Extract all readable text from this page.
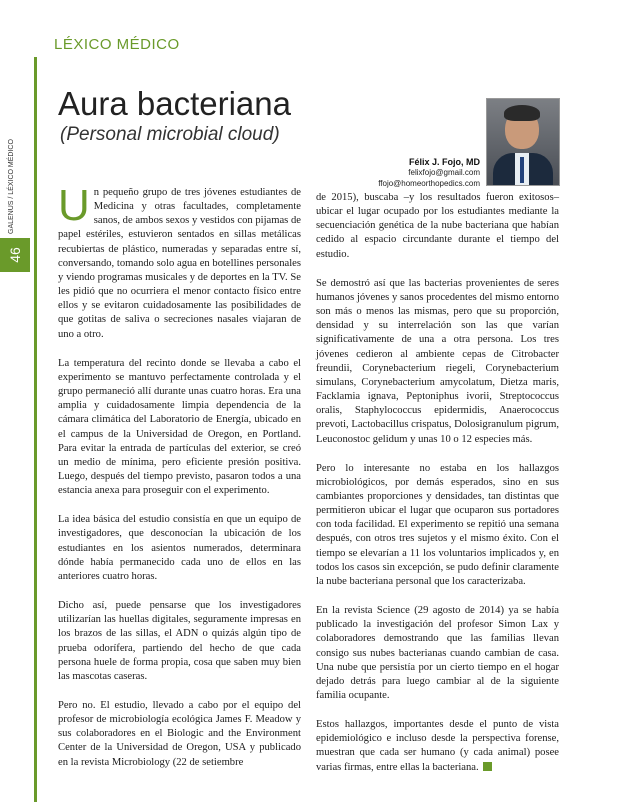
LÉXICO MÉDICO
GALENUS / LÉXICO MÉDICO
46
Aura bacteriana
(Personal microbial cloud)
Félix J. Fojo, MD
felixfojo@gmail.com
ffojo@homeorthopedics.com

Un pequeño grupo de tres jóvenes estudiantes de Medicina y otras facultades, completamente sanos, de ambos sexos y vestidos con pijamas de papel estériles, estuvieron sentados en sillas metálicas recubiertas de plástico, numeradas y separadas entre sí, conversando, tomando solo agua en botellines personales y viendo programas musicales y de deportes en la TV. Se les pidió que no ocurriera el menor contacto físico entre ellos y se evitaron cuidadosamente las posibilidades de que gotitas de saliva o secreciones nasales viajaran de uno a otro.

La temperatura del recinto donde se llevaba a cabo el experimento se mantuvo perfectamente controlada y el grupo permaneció allí durante unas cuatro horas. Era una amplia y cuidadosamente limpia dependencia de la cámara climática del Laboratorio de Energía, ubicado en el campus de la Universidad de Oregon, en Portland. Para evitar la entrada de partículas del exterior, se creó un medio de mínima, pero eficiente presión positiva. Luego, después del tiempo previsto, pasaron todos a una estancia anexa para proseguir con el experimento.

La idea básica del estudio consistía en que un equipo de investigadores, que desconocían la ubicación de los estudiantes en los asientos numerados, determinara dónde había permanecido cada uno de ellos en las anteriores cuatro horas.

Dicho así, puede pensarse que los investigadores utilizarían las huellas digitales, seguramente impresas en los brazos de las sillas, el ADN o quizás algún tipo de prueba odorífera, partiendo del hecho de que cada persona huele de forma propia, cosa que saben muy bien las mascotas caseras.

Pero no. El estudio, llevado a cabo por el equipo del profesor de microbiología ecológica James F. Meadow y sus colaboradores en el Biologic and the Environment Center de la Universidad de Oregon, USA y publicado en la revista Microbiology (22 de setiembre

de 2015), buscaba –y los resultados fueron exitosos– ubicar el lugar ocupado por los estudiantes mediante la secuenciación genética de la nube bacteriana que habían cedido al espacio circundante durante el tiempo del estudio.

Se demostró así que las bacterias provenientes de seres humanos jóvenes y sanos procedentes del mismo entorno son más o menos las mismas, pero que su proporción, densidad y su interrelación son las que varían significativamente de una a otra persona. Los tres jóvenes cedieron al ambiente cepas de Citrobacter freundii, Corynebacterium riegeli, Corynebacterium simulans, Corynebacterium amycolatum, Dietza maris, Facklamia ignava, Peptoniphus ivorii, Streptococcus oralis, Staphylococcus epidermidis, Anaerococcus prevoti, Lactobacillus crispatus, Dolosigranulum pigrum, Leuconostoc gelidum y unas 10 o 12 especies más.

Pero lo interesante no estaba en los hallazgos microbiológicos, por demás esperados, sino en sus cambiantes proporciones y densidades, tan distintas que permitieron ubicar el lugar que ocuparon sus portadores con toda facilidad. El experimento se repitió una semana después, con otros tres sujetos y el mismo éxito. Con el tiempo se elevarían a 11 los voluntarios implicados y, en todos los casos sin excepción, se pudo definir claramente la nube bacteriana personal que los caracterizaba.

En la revista Science (29 agosto de 2014) ya se había publicado la investigación del profesor Simon Lax y colaboradores demostrando que las familias llevan consigo sus nubes bacterianas cuando cambian de casa. Una nube que persistía por un cierto tiempo en el hogar dejado detrás para luego cambiar al de la siguiente familia ocupante.

Estos hallazgos, importantes desde el punto de vista epidemiológico e incluso desde la perspectiva forense, muestran que cada ser humano (y cada animal) posee varias firmas, entre ellas la bacteriana.
